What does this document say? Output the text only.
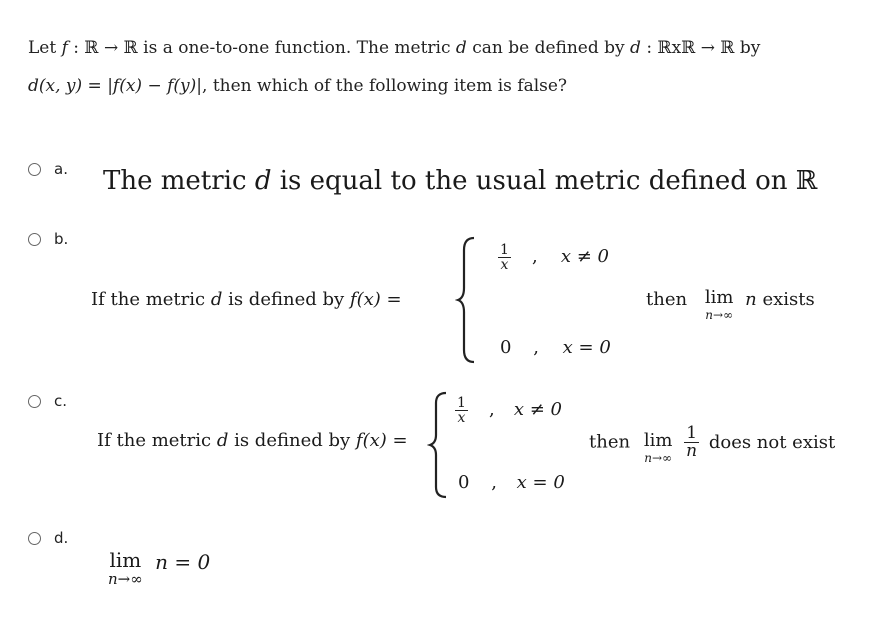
Let f : ℝ → ℝ is a one-to-one function. The metric d can be defined by d : ℝxℝ → ℝ by
d(x, y) = |f(x) − f(y)|, then which of the following item is false?
a. The metric d is equal to the usual metric defined on ℝ
b.
If the metric d is defined by f(x) =
$\frac{1}{x}$ , x ≠ 0
0 , x = 0
then lim
n→∞
n exists
c.
If the metric d is defined by f(x) =
$\frac{1}{x}$ , x ≠ 0
0 , x = 0
then lim
n→∞
$\frac{1}{n}$ does not exist
d.
lim
n→∞
n = 0
